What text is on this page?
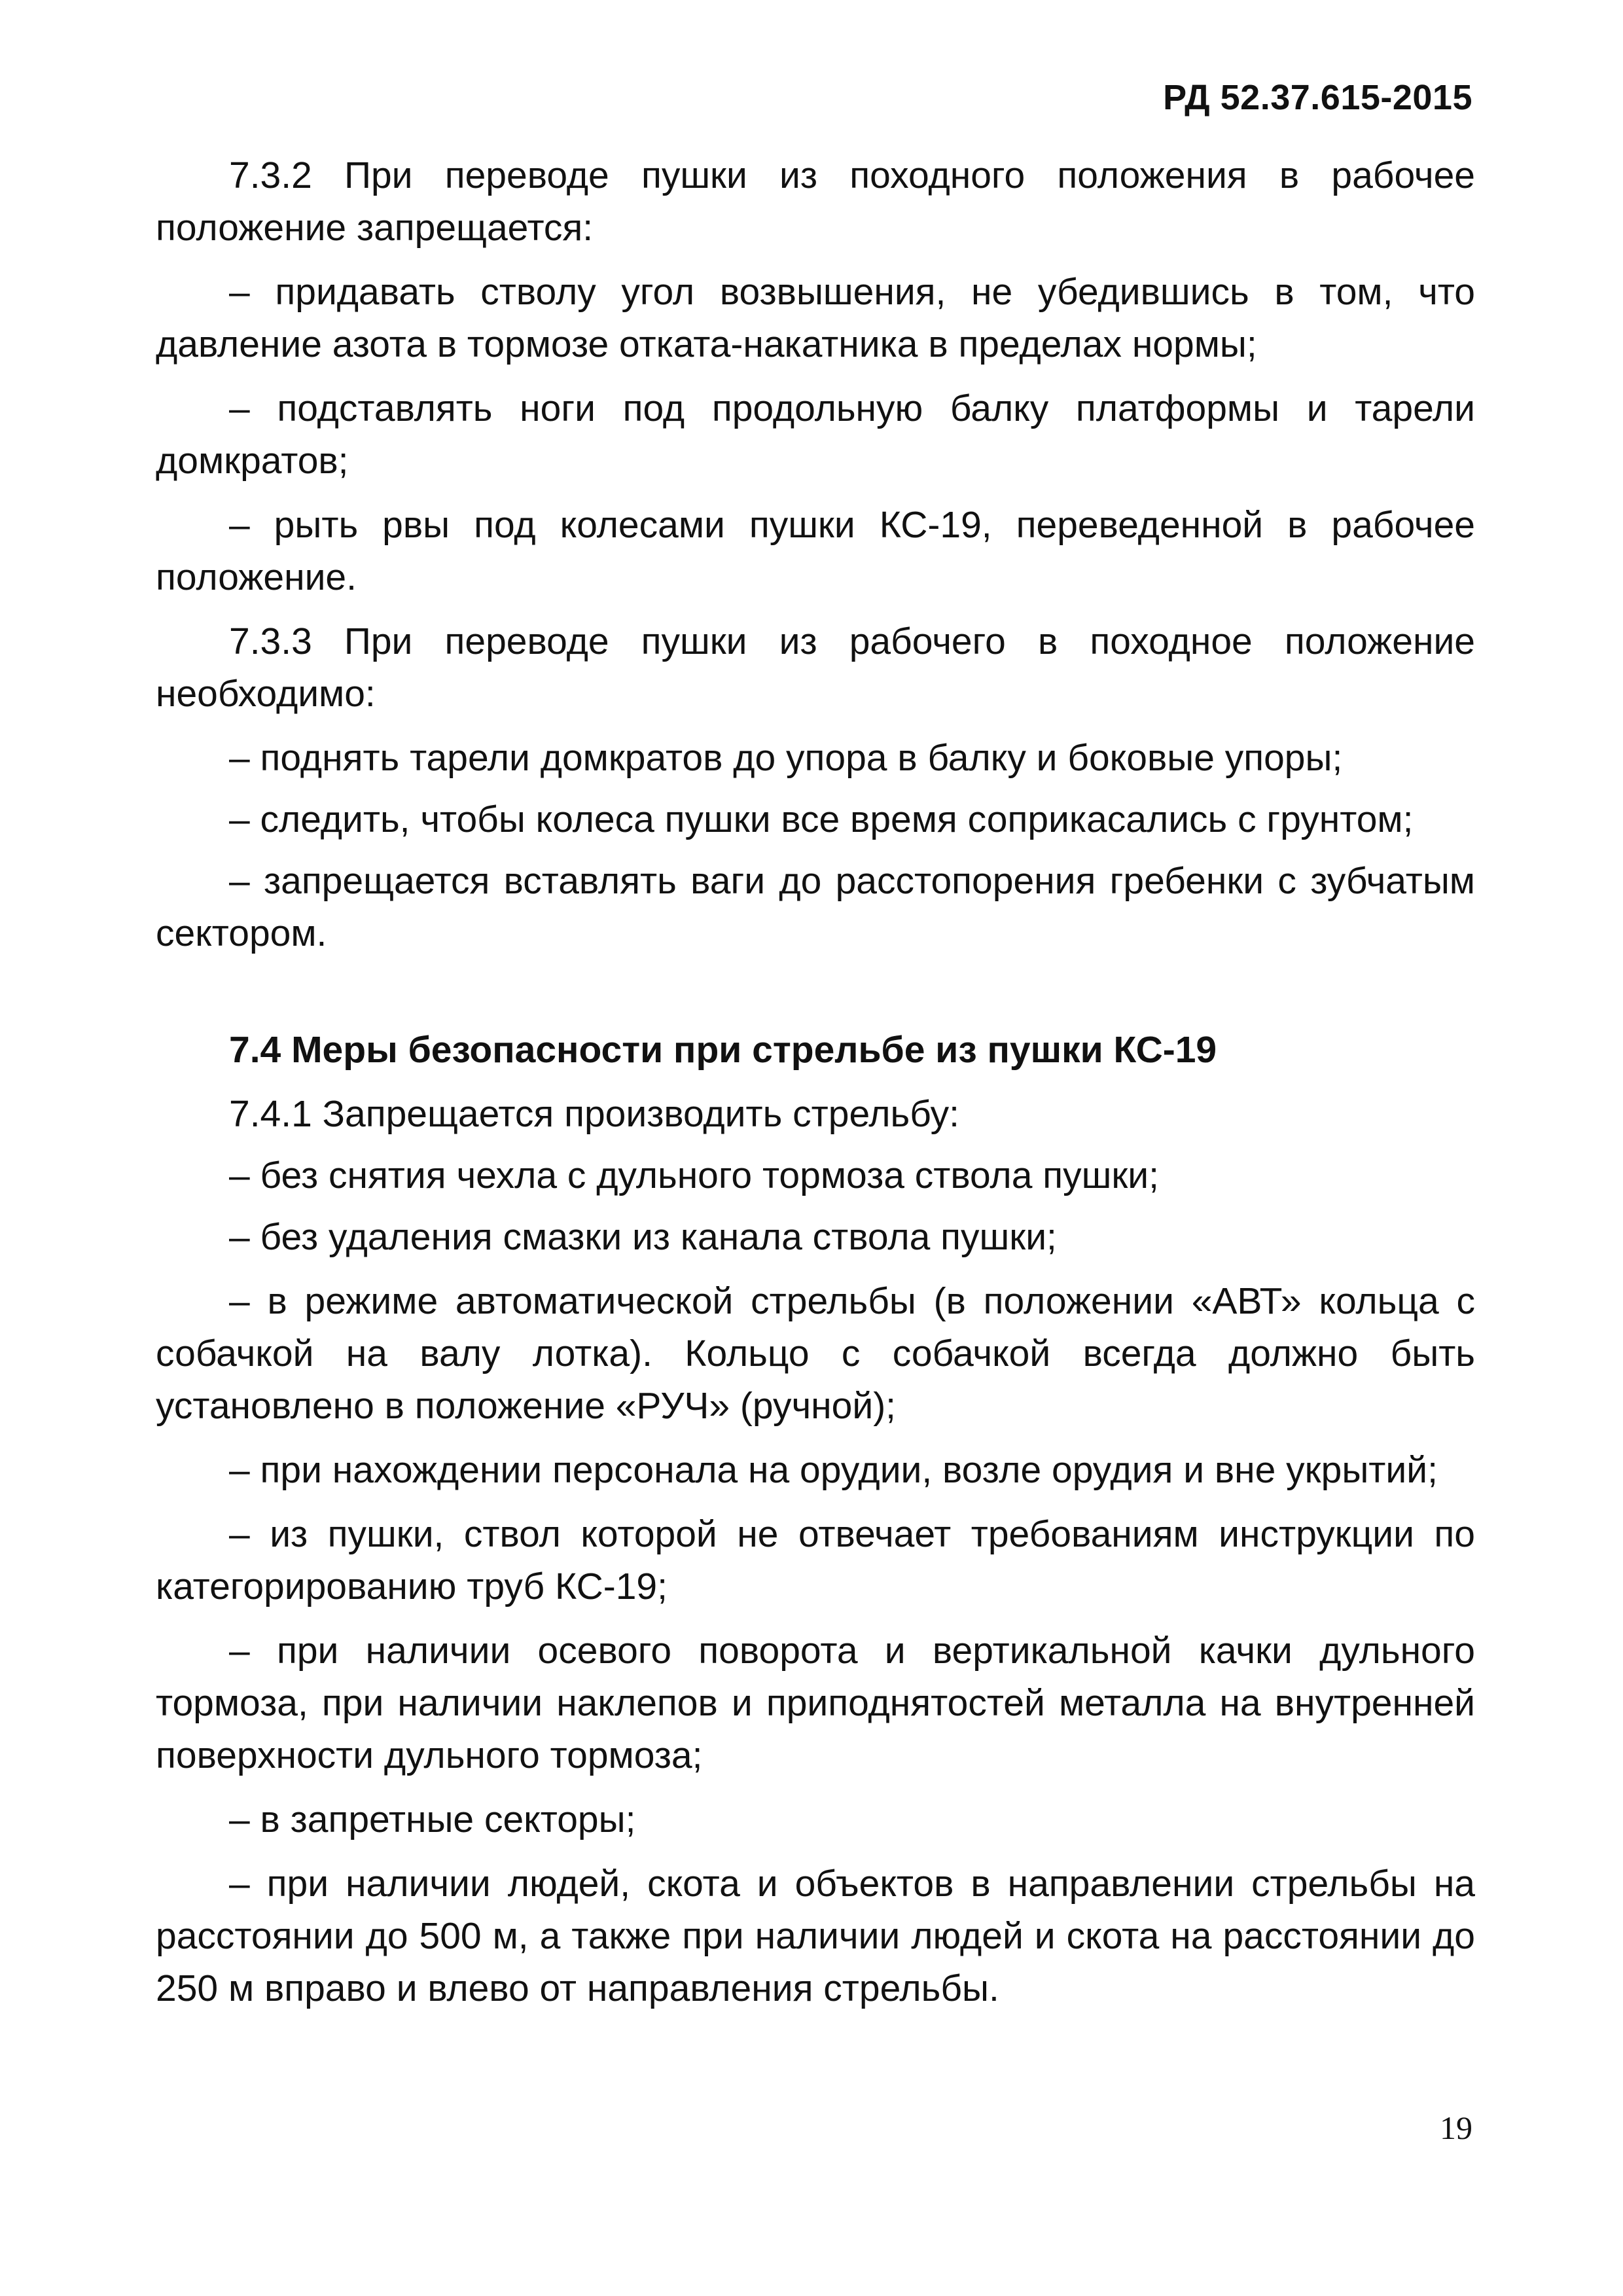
РД 52.37.615-2015

7.3.2 При переводе пушки из походного положения в рабочее положение запрещается:

– придавать стволу угол возвышения, не убедившись в том, что давление азота в тормозе отката-накатника в пределах нормы;

– подставлять ноги под продольную балку платформы и тарели домкратов;

– рыть рвы под колесами пушки КС-19, переведенной в рабочее положение.

7.3.3 При переводе пушки из рабочего в походное положение необходимо:

– поднять тарели домкратов до упора в балку и боковые упоры;

– следить, чтобы колеса пушки все время соприкасались с грунтом;

– запрещается вставлять ваги до расстопорения гребенки с зубчатым сектором.

7.4 Меры безопасности при стрельбе из пушки КС-19

7.4.1 Запрещается производить стрельбу:

– без снятия чехла с дульного тормоза ствола пушки;

– без удаления смазки из канала ствола пушки;

– в режиме автоматической стрельбы (в положении «АВТ» кольца с собачкой на валу лотка). Кольцо с собачкой всегда должно быть установлено в положение «РУЧ» (ручной);

– при нахождении персонала на орудии, возле орудия и вне укрытий;

– из пушки, ствол которой не отвечает требованиям инструкции по категорированию труб КС-19;

– при наличии осевого поворота и вертикальной качки дульного тормоза, при наличии наклепов и приподнятостей металла на внутренней поверхности дульного тормоза;

– в запретные секторы;

– при наличии людей, скота и объектов в направлении стрельбы на расстоянии до 500 м, а также при наличии людей и скота на расстоянии до 250 м вправо и влево от направления стрельбы.

19
